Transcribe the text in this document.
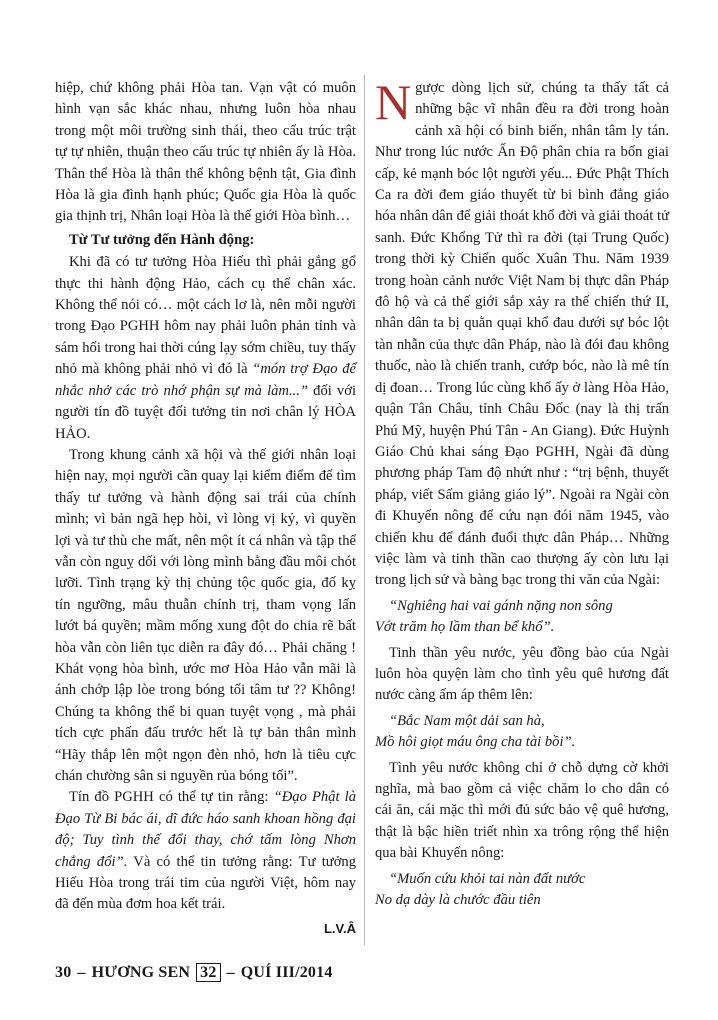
hiệp, chứ không phải Hòa tan. Vạn vật có muôn hình vạn sắc khác nhau, nhưng luôn hòa nhau trong một môi trường sinh thái, theo cấu trúc trật tự tự nhiên, thuận theo cấu trúc tự nhiên ấy là Hòa. Thân thể Hòa là thân thể không bệnh tật, Gia đình Hòa là gia đình hạnh phúc; Quốc gia Hòa là quốc gia thịnh trị, Nhân loại Hòa là thế giới Hòa bình…

Từ Tư tưởng đến Hành động:

Khi đã có tư tưởng Hòa Hiếu thì phải gắng gổ thực thi hành động Hảo, cách cụ thể chân xác. Không thể nói có… một cách lơ là, nên mỗi người trong Đạo PGHH hôm nay phải luôn phản tỉnh và sám hối trong hai thời cúng lạy sớm chiều, tuy thấy nhỏ mà không phải nhỏ vì đó là “món trợ Đạo để nhắc nhở các trò nhớ phận sự mà làm...” đối với người tín đồ tuyệt đối tưởng tin nơi chân lý HÒA HẢO.

Trong khung cảnh xã hội và thế giới nhân loại hiện nay, mọi người cần quay lại kiểm điểm để tìm thấy tư tưởng và hành động sai trái của chính mình; vì bản ngã hẹp hòi, vì lòng vị kỷ, vì quyền lợi và tư thù che mất, nên một ít cá nhân và tập thể vẫn còn nguỵ dối với lòng mình bằng đầu môi chót lưỡi. Tình trạng kỳ thị chủng tộc quốc gia, đố kỵ tín ngưỡng, mâu thuẫn chính trị, tham vọng lấn lướt bá quyền; mầm mống xung đột do chia rẽ bất hòa vẫn còn liên tục diễn ra đây đó… Phải chăng ! Khát vọng hòa bình, ước mơ Hòa Hảo vẫn mãi là ánh chớp lập lòe trong bóng tối tâm tư ?? Không! Chúng ta không thể bi quan tuyệt vọng , mà phải tích cực phấn đấu trước hết là tự bản thân mình “Hãy thắp lên một ngọn đèn nhỏ, hơn là tiêu cực chán chường sân si nguyền rủa bóng tối”.

Tín đồ PGHH có thể tự tin rằng: “Đạo Phật là Đạo Từ Bi bác ái, dĩ đức háo sanh khoan hồng đại độ; Tuy tình thế đổi thay, chớ tấm lòng Nhơn chẳng đổi”. Và có thể tin tưởng rằng: Tư tưởng Hiếu Hòa trong trái tim của người Việt, hôm nay đã đến mùa đơm hoa kết trái.

L.V.Â

Ngược dòng lịch sử, chúng ta thấy tất cả những bậc vĩ nhân đều ra đời trong hoàn cảnh xã hội có binh biến, nhân tâm ly tán. Như trong lúc nước Ấn Độ phân chia ra bốn giai cấp, kẻ mạnh bóc lột người yếu... Đức Phật Thích Ca ra đời đem giáo thuyết từ bi bình đẳng giáo hóa nhân dân để giải thoát khổ đời và giải thoát tử sanh. Đức Khổng Tử thì ra đời (tại Trung Quốc) trong thời kỳ Chiến quốc Xuân Thu. Năm 1939 trong hoàn cảnh nước Việt Nam bị thực dân Pháp đô hộ và cả thế giới sắp xảy ra thế chiến thứ II, nhân dân ta bị quằn quại khổ đau dưới sự bóc lột tàn nhẫn của thực dân Pháp, nào là đói đau không thuốc, nào là chiến tranh, cướp bóc, nào là mê tín dị đoan… Trong lúc cùng khổ ấy ở làng Hòa Hảo, quận Tân Châu, tỉnh Châu Đốc (nay là thị trấn Phú Mỹ, huyện Phú Tân - An Giang). Đức Huỳnh Giáo Chủ khai sáng Đạo PGHH, Ngài đã dùng phương pháp Tam độ nhứt như : “trị bệnh, thuyết pháp, viết Sấm giảng giáo lý”. Ngoài ra Ngài còn đi Khuyến nông để cứu nạn đói năm 1945, vào chiến khu để đánh đuổi thực dân Pháp… Những việc làm và tinh thần cao thượng ấy còn lưu lại trong lịch sử và bàng bạc trong thi văn của Ngài:

“Nghiêng hai vai gánh nặng non sông
Vớt trăm họ lầm than bể khổ”.

Tinh thần yêu nước, yêu đồng bào của Ngài luôn hòa quyện làm cho tình yêu quê hương đất nước càng ấm áp thêm lên:

“Bắc Nam một dải san hà,
Mồ hôi giọt máu ông cha tài bồi”.

Tình yêu nước không chỉ ở chỗ dựng cờ khởi nghĩa, mà bao gồm cả việc chăm lo cho dân có cái ăn, cái mặc thì mới đủ sức bảo vệ quê hương, thật là bậc hiền triết nhìn xa trông rộng thể hiện qua bài Khuyến nông:

“Muốn cứu khỏi tai nàn đất nước
No dạ dày là chước đầu tiên

30 – HƯƠNG SEN 32 – QUÍ III/2014
